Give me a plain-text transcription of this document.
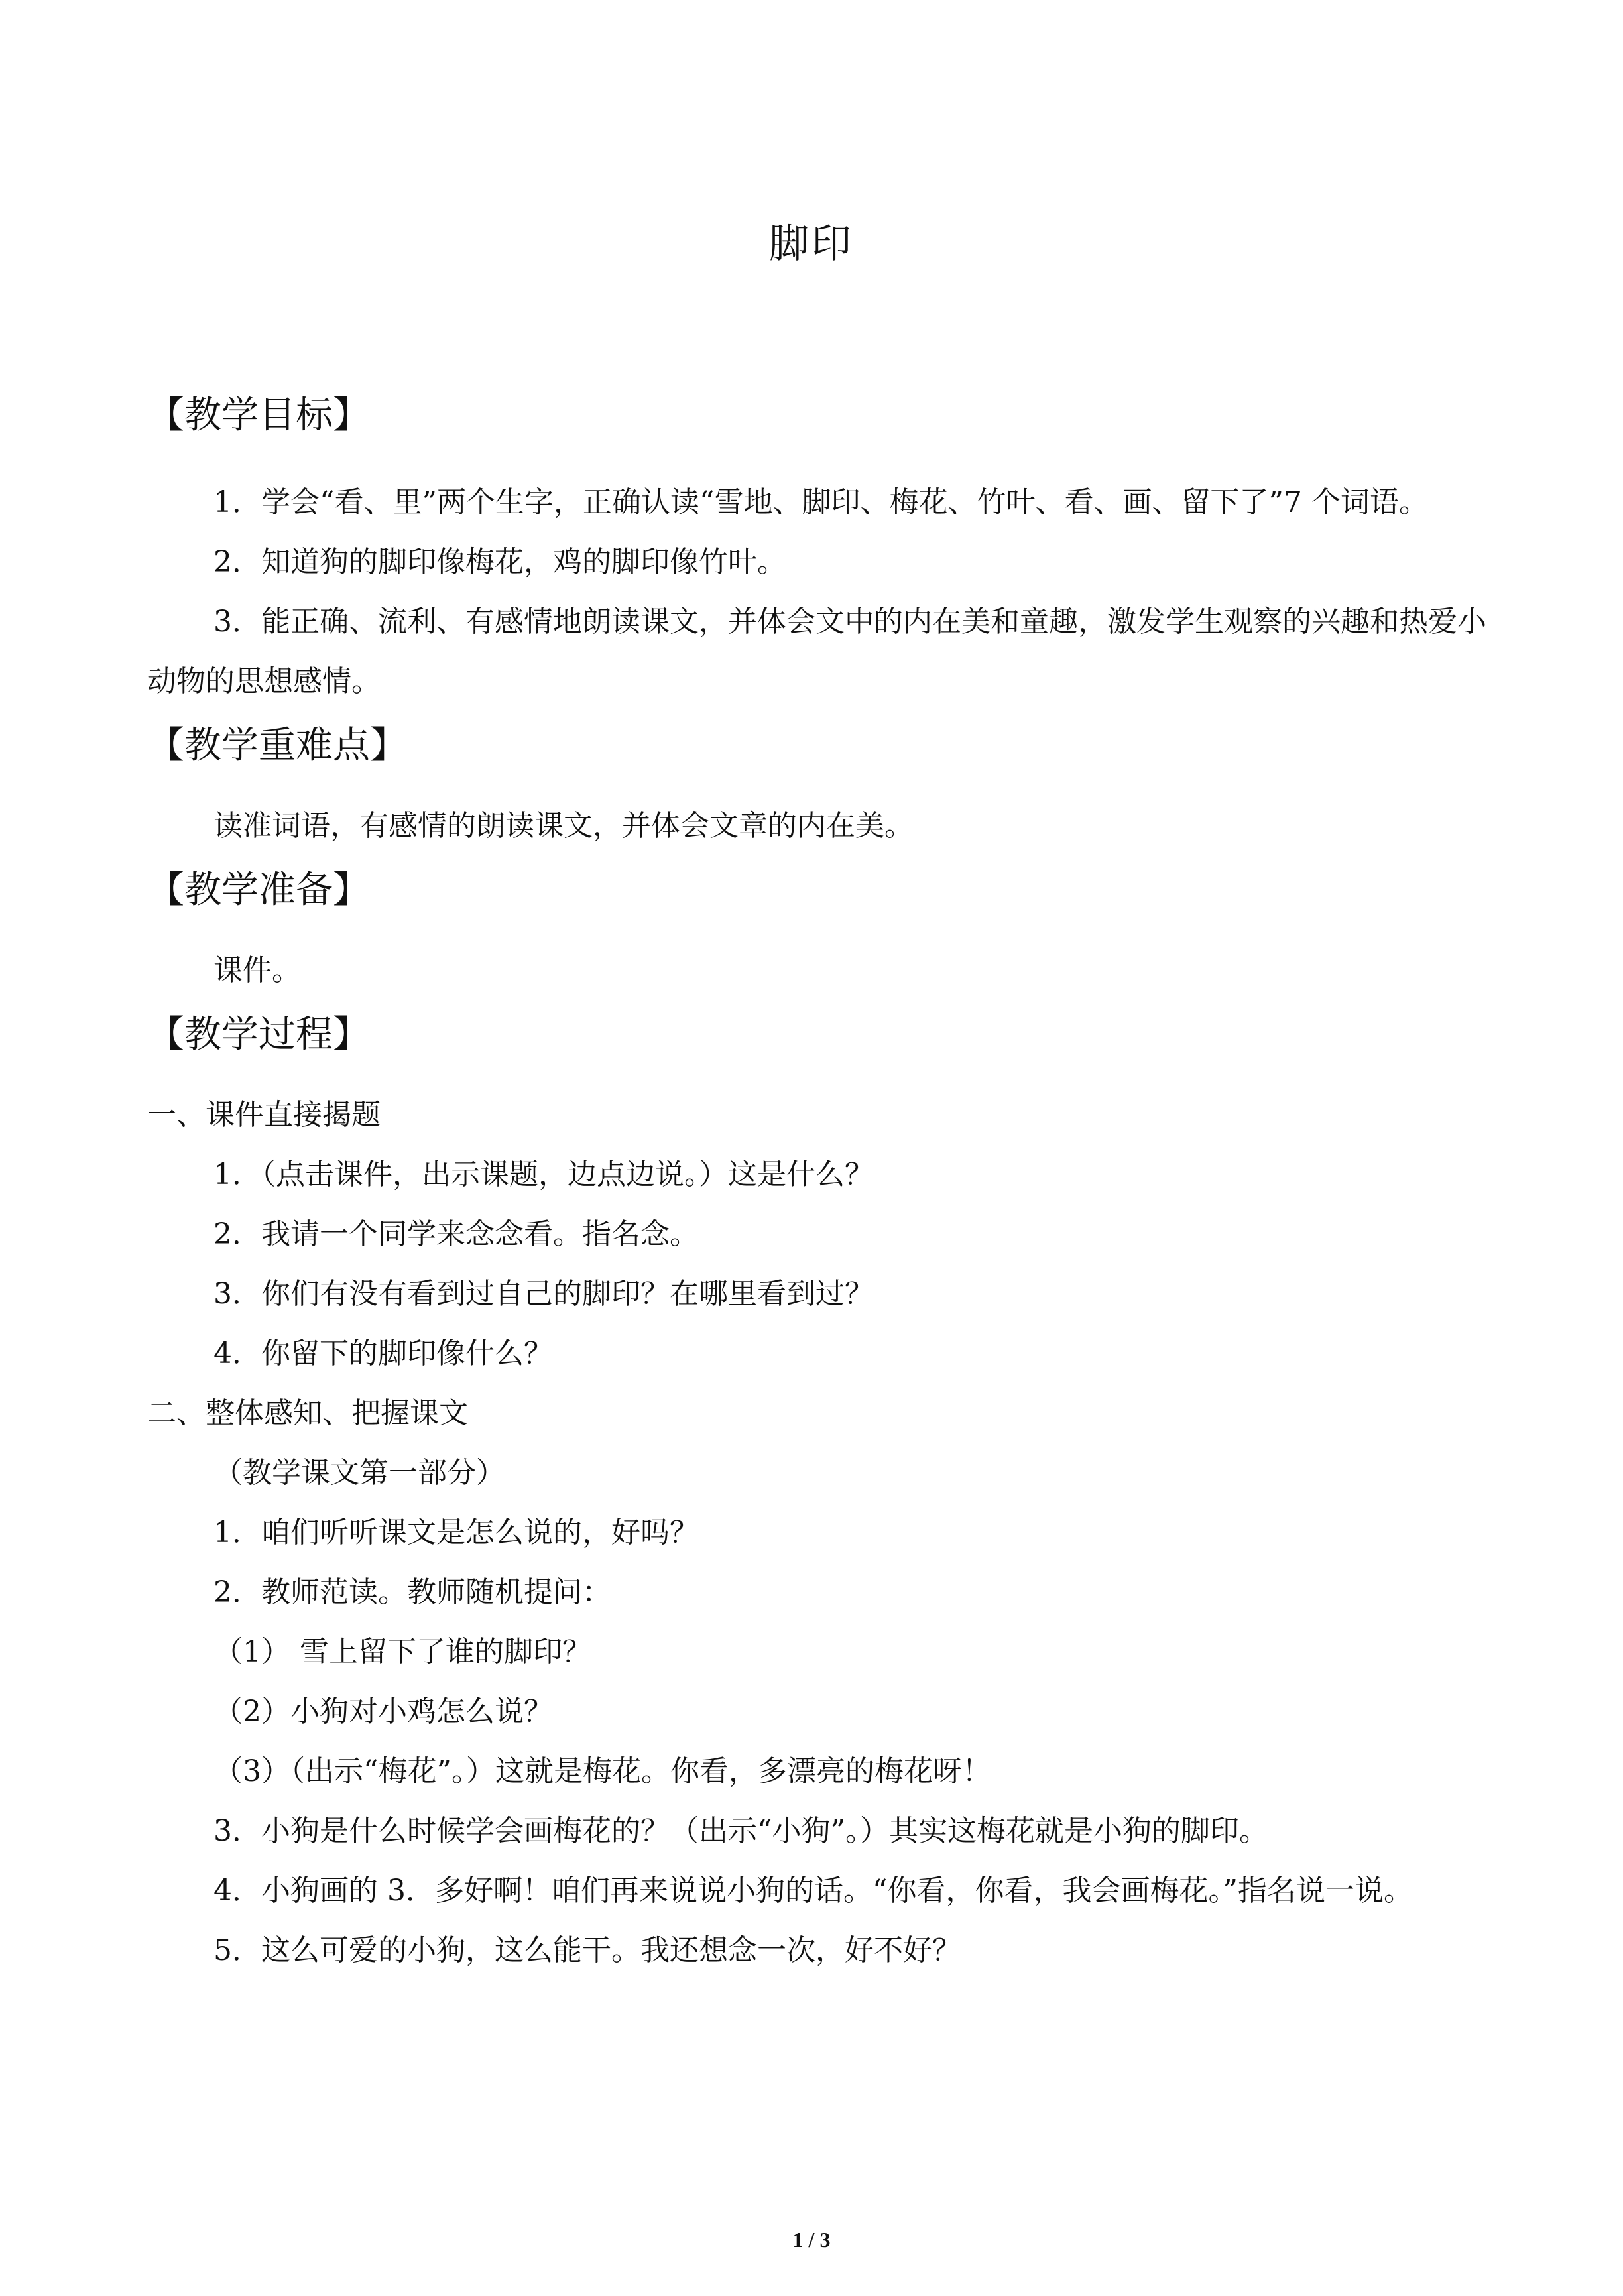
脚印
【教学目标】
1．学会“看、里”两个生字，正确认读“雪地、脚印、梅花、竹叶、看、画、留下了”7 个词语。
2．知道狗的脚印像梅花，鸡的脚印像竹叶。
3．能正确、流利、有感情地朗读课文，并体会文中的内在美和童趣，激发学生观察的兴趣和热爱小动物的思想感情。
【教学重难点】
读准词语，有感情的朗读课文，并体会文章的内在美。
【教学准备】
课件。
【教学过程】
一、课件直接揭题
1．（点击课件，出示课题，边点边说。）这是什么？
2．我请一个同学来念念看。指名念。
3．你们有没有看到过自己的脚印？在哪里看到过？
4．你留下的脚印像什么？
二、整体感知、把握课文
（教学课文第一部分）
1．咱们听听课文是怎么说的，好吗？
2．教师范读。教师随机提问：
（1） 雪上留下了谁的脚印？
（2）小狗对小鸡怎么说？
（3）（出示“梅花”。）这就是梅花。你看，多漂亮的梅花呀！
3．小狗是什么时候学会画梅花的？（出示“小狗”。）其实这梅花就是小狗的脚印。
4．小狗画的 3．多好啊！咱们再来说说小狗的话。“你看，你看，我会画梅花。”指名说一说。
5．这么可爱的小狗，这么能干。我还想念一次，好不好？
1 / 3
